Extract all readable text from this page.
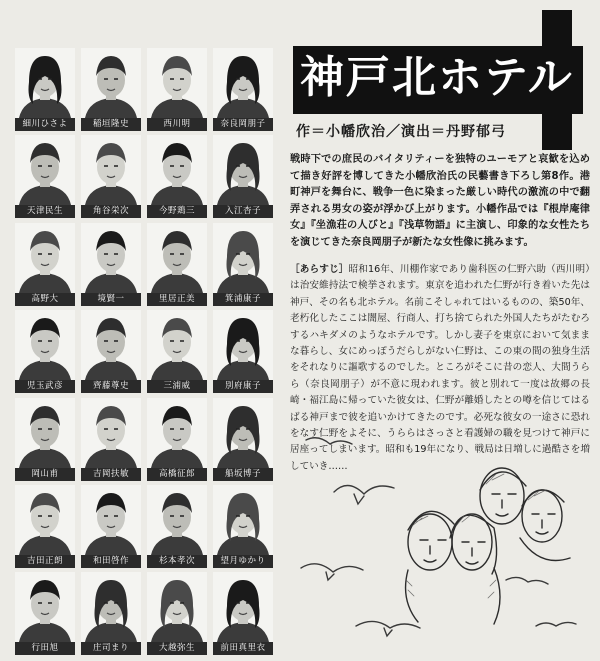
細川ひさよ	稲垣隆史	西川明	奈良岡朋子
天津民生	角谷栄次	今野鶏三	入江杏子
高野大	境賢一	里居正美	箕浦康子
児玉武彦	齊藤尊史	三浦威	別府康子
岡山甫	吉岡扶敏	高橋征郎	船坂博子
吉田正朗	和田啓作	杉本孝次	望月ゆかり
行田旭	庄司まり	大越弥生	前田真里衣
神戸北ホテル
作＝小幡欣治／演出＝丹野郁弓
戦時下での庶民のバイタリティーを独特のユーモアと哀歓を込めて描き好評を博してきた小幡欣治氏の民藝書き下ろし第8作。港町神戸を舞台に、戦争一色に染まった厳しい時代の激流の中で翻弄される男女の姿が浮かび上がります。小幡作品では『根岸庵律女』『坐漁荘の人びと』『浅草物語』に主演し、印象的な女性たちを演じてきた奈良岡朋子が新たな女性像に挑みます。
［あらすじ］昭和16年、川棚作家であり歯科医の仁野六助（西川明）は治安維持法で検挙されます。東京を追われた仁野が行き着いた先は神戸、その名も北ホテル。名前こそしゃれてはいるものの、築50年、老朽化したここは闇屋、行商人、打ち捨てられた外国人たちがたむろするハキダメのようなホテルです。しかし妻子を東京において気ままな暮らし、女にめっぽうだらしがない仁野は、この東の間の独身生活をそれなりに謳歌するのでした。ところがそこに昔の恋人、大間うらら（奈良岡朋子）が不意に現われます。彼と別れて一度は故郷の長崎・福江島に帰っていた彼女は、仁野が離婚したとの噂を信じてはるばる神戸まで彼を追いかけてきたのです。必死な彼女の一途さに恐れをなす仁野をよそに、うららはさっさと看護婦の職を見つけて神戸に居座ってしまいます。昭和も19年になり、戦局は日増しに過酷さを増していき……
